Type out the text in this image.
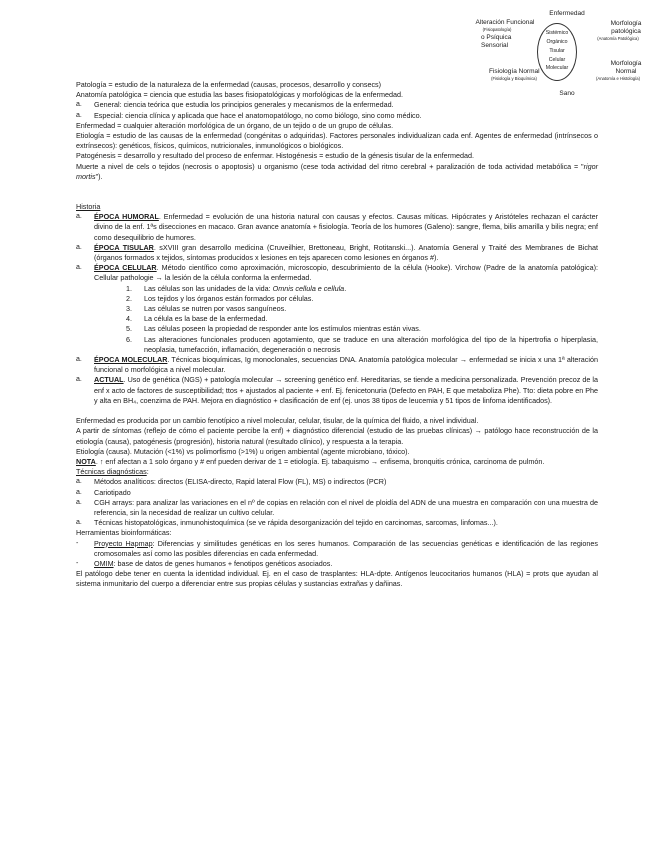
Enfermedad
Alteración Funcional
(Fisiopatología)
o Psíquica
Sensorial
Morfología
patológica
(Anatomía Patológica)
Sistémico
Orgánico
Tisular
Celular
Molecular
Fisiología Normal
(Fisiología y Bioquímica)
Morfología
Normal
(Anatomía e Histología)
Sano

Patología = estudio de la naturaleza de la enfermedad (causas, procesos, desarrollo y consecs)

Anatomía patológica = ciencia que estudia las bases fisiopatológicas y morfológicas de la enfermedad.

a.	General: ciencia teórica que estudia los principios generales y mecanismos de la enfermedad.

a.	Especial: ciencia clínica y aplicada que hace el anatomopatólogo, no como biólogo, sino como médico.

Enfermedad = cualquier alteración morfológica de un órgano, de un tejido o de un grupo de células.

Etiología = estudio de las causas de la enfermedad (congénitas o adquiridas). Factores personales individualizan cada enf. Agentes de enfermedad (intrínsecos o extrínsecos): genéticos, físicos, químicos, nutricionales, inmunológicos o biológicos.

Patogénesis = desarrollo y resultado del proceso de enfermar. Histogénesis = estudio de la génesis tisular de la enfermedad.

Muerte a nivel de cels o tejidos (necrosis o apoptosis) u organismo (cese toda actividad del ritmo cerebral + paralización de toda actividad metabólica = "rigor mortis").

Historia

a.	ÉPOCA HUMORAL. Enfermedad = evolución de una historia natural con causas y efectos. Causas míticas. Hipócrates y Aristóteles rechazan el carácter divino de la enf. 1ªs disecciones en macaco. Gran avance anatomía + fisiología. Teoría de los humores (Galeno): sangre, flema, bilis amarilla y bilis negra; enf como desequilibrio de humores.

a.	ÉPOCA TISULAR. sXVIII gran desarrollo medicina (Cruveilhier, Brettoneau, Bright, Rotitanski...). Anatomía General y Traité des Membranes de Bichat (órganos formados x tejidos, síntomas producidos x lesiones en tejs aparecen como lesiones en órganos #).

a.	ÉPOCA CELULAR. Método científico como aproximación, microscopio, descubrimiento de la célula (Hooke). Virchow (Padre de la anatomía patológica): Cellular pathologie → la lesión de la célula conforma la enfermedad.

1.	Las células son las unidades de la vida: Omnis cellula e cellula.

2.	Los tejidos y los órganos están formados por células.

3.	Las células se nutren por vasos sanguíneos.

4.	La célula es la base de la enfermedad.

5.	Las células poseen la propiedad de responder ante los estímulos mientras están vivas.

6.	Las alteraciones funcionales producen agotamiento, que se traduce en una alteración morfológica del tipo de la hipertrofia o hiperplasia, neoplasia, tumefacción, inflamación, degeneración o necrosis

a.	ÉPOCA MOLECULAR. Técnicas bioquímicas, Ig monoclonales, secuencias DNA. Anatomía patológica molecular → enfermedad se inicia x una 1ª alteración funcional o morfológica a nivel molecular.

a.	ACTUAL. Uso de genética (NGS) + patología molecular → screening genético enf. Hereditarias, se tiende a medicina personalizada. Prevención precoz de la enf x acto de factores de susceptibilidad; ttos + ajustados al paciente + enf. Ej. fenicetonuria (Defecto en PAH, E que metaboliza Phe). Tto: dieta pobre en Phe y alta en BH₄, coenzima de PAH. Mejora en diagnóstico + clasificación de enf (ej. unos 38 tipos de leucemia y 51 tipos de linfoma identificados).

Enfermedad es producida por un cambio fenotípico a nivel molecular, celular, tisular, de la química del fluido, a nivel individual.

A partir de síntomas (reflejo de cómo el paciente percibe la enf) + diagnóstico diferencial (estudio de las pruebas clínicas) → patólogo hace reconstrucción de la etiología (causa), patogénesis (progresión), historia natural (resultado clínico), y respuesta a la terapia.

Etiología (causa). Mutación (<1%) vs polimorfismo (>1%) u origen ambiental (agente microbiano, tóxico).

NOTA. ↑ enf afectan a 1 solo órgano y # enf pueden derivar de 1 = etiología. Ej. tabaquismo → enfisema, bronquitis crónica, carcinoma de pulmón.

Técnicas diagnósticas:

a.	Métodos analíticos: directos (ELISA-directo, Rapid lateral Flow (FL), MS) o indirectos (PCR)

a.	Cariotipado

a.	CGH arrays: para analizar las variaciones en el nº de copias en relación con el nivel de ploidía del ADN de una muestra en comparación con una muestra de referencia, sin la necesidad de realizar un cultivo celular.

a.	Técnicas histopatológicas, inmunohistoquímica (se ve rápida desorganización del tejido en carcinomas, sarcomas, linfomas...).

Herramientas bioinformáticas:

-	Proyecto Hapmap: Diferencias y similitudes genéticas en los seres humanos. Comparación de las secuencias genéticas e identificación de las regiones cromosomales así como las posibles diferencias en cada enfermedad.

-	OMIM: base de datos de genes humanos + fenotipos genéticos asociados.

El patólogo debe tener en cuenta la identidad individual. Ej. en el caso de trasplantes: HLA-dpte. Antígenos leucocitarios humanos (HLA) = prots que ayudan al sistema inmunitario del cuerpo a diferenciar entre sus propias células y sustancias extrañas y dañinas.
